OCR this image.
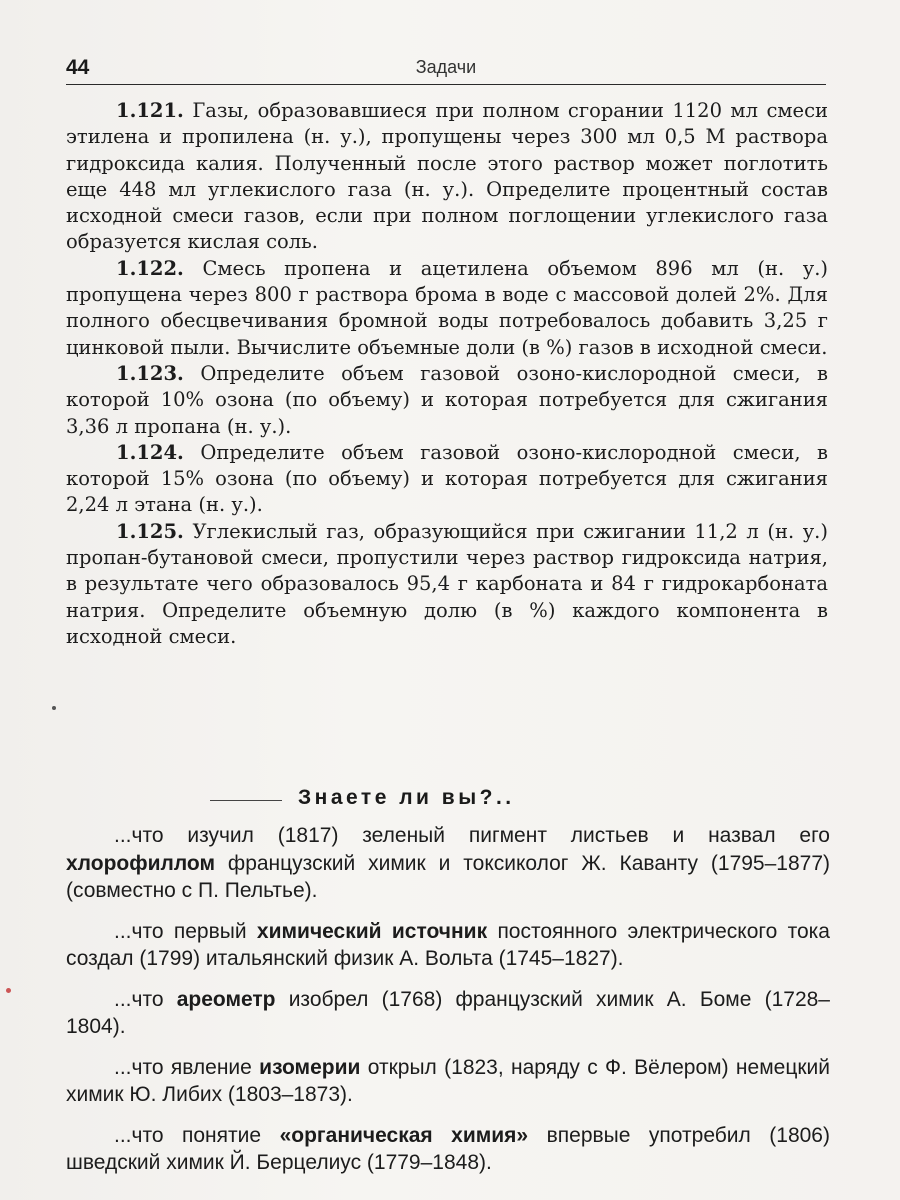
44	Задачи

1.121. Газы, образовавшиеся при полном сгорании 1120 мл смеси этилена и пропилена (н. у.), пропущены через 300 мл 0,5 М раствора гидроксида калия. Полученный после этого раствор может поглотить еще 448 мл углекислого газа (н. у.). Определите процентный состав исходной смеси газов, если при полном поглощении углекислого газа образуется кислая соль.

1.122. Смесь пропена и ацетилена объемом 896 мл (н. у.) пропущена через 800 г раствора брома в воде с массовой долей 2%. Для полного обесцвечивания бромной воды потребовалось добавить 3,25 г цинковой пыли. Вычислите объемные доли (в %) газов в исходной смеси.

1.123. Определите объем газовой озоно-кислородной смеси, в которой 10% озона (по объему) и которая потребуется для сжигания 3,36 л пропана (н. у.).

1.124. Определите объем газовой озоно-кислородной смеси, в которой 15% озона (по объему) и которая потребуется для сжигания 2,24 л этана (н. у.).

1.125. Углекислый газ, образующийся при сжигании 11,2 л (н. у.) пропан-бутановой смеси, пропустили через раствор гидроксида натрия, в результате чего образовалось 95,4 г карбоната и 84 г гидрокарбоната натрия. Определите объемную долю (в %) каждого компонента в исходной смеси.

Знаете ли вы?..

...что изучил (1817) зеленый пигмент листьев и назвал его хлорофиллом французский химик и токсиколог Ж. Каванту (1795–1877) (совместно с П. Пельтье).

...что первый химический источник постоянного электрического тока создал (1799) итальянский физик А. Вольта (1745–1827).

...что ареометр изобрел (1768) французский химик А. Боме (1728–1804).

...что явление изомерии открыл (1823, наряду с Ф. Вёлером) немецкий химик Ю. Либих (1803–1873).

...что понятие «органическая химия» впервые употребил (1806) шведский химик Й. Берцелиус (1779–1848).
